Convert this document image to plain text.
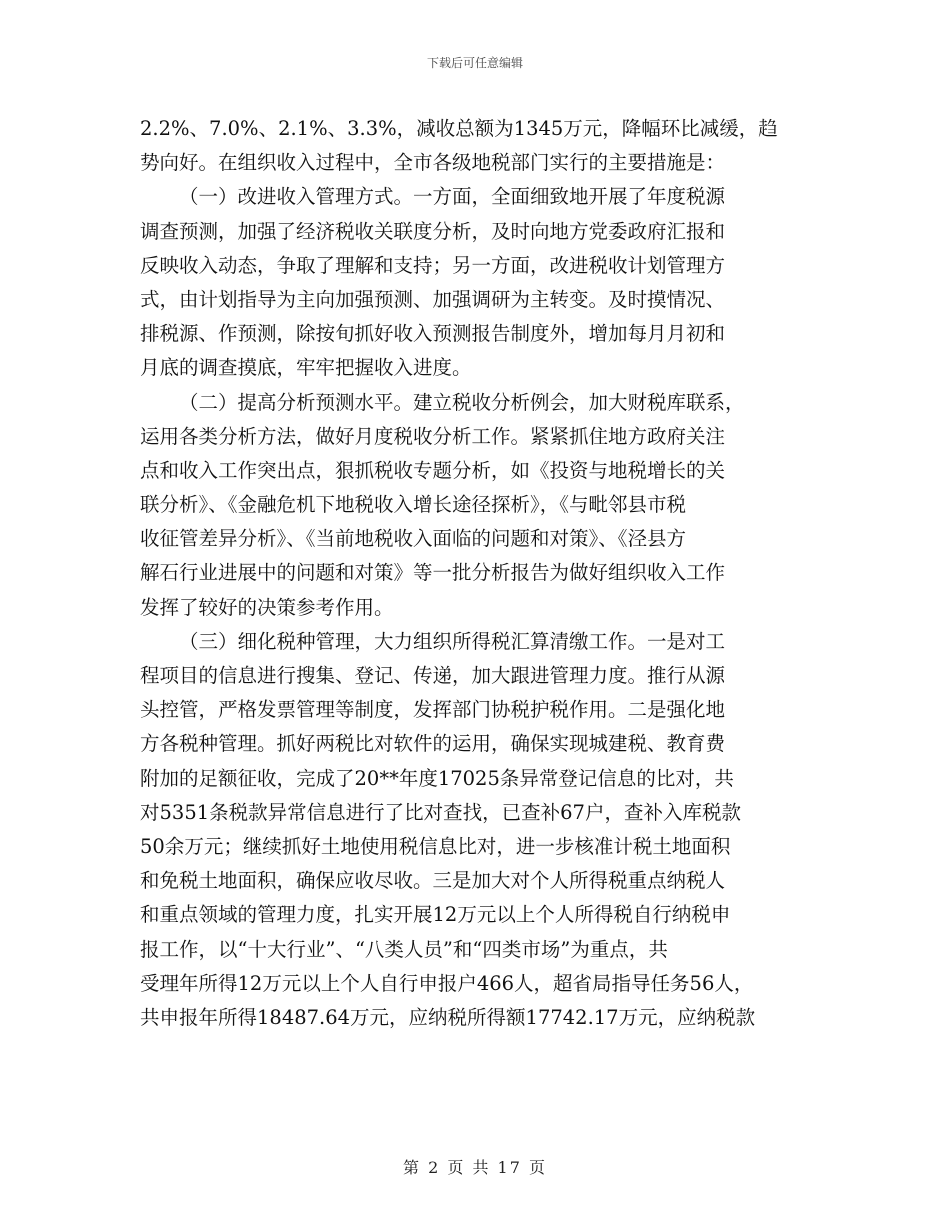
下载后可任意编辑
2.2%、7.0%、2.1%、3.3%，减收总额为1345万元，降幅环比减缓，趋
势向好。在组织收入过程中，全市各级地税部门实行的主要措施是：
（一）改进收入管理方式。一方面，全面细致地开展了年度税源
调查预测，加强了经济税收关联度分析，及时向地方党委政府汇报和
反映收入动态，争取了理解和支持；另一方面，改进税收计划管理方
式，由计划指导为主向加强预测、加强调研为主转变。及时摸情况、
排税源、作预测，除按旬抓好收入预测报告制度外，增加每月月初和
月底的调查摸底，牢牢把握收入进度。
（二）提高分析预测水平。建立税收分析例会，加大财税库联系，
运用各类分析方法，做好月度税收分析工作。紧紧抓住地方政府关注
点和收入工作突出点，狠抓税收专题分析，如《投资与地税增长的关
联分析》、《金融危机下地税收入增长途径探析》，《与毗邻县市税
收征管差异分析》、《当前地税收入面临的问题和对策》、《泾县方
解石行业进展中的问题和对策》等一批分析报告为做好组织收入工作
发挥了较好的决策参考作用。
（三）细化税种管理，大力组织所得税汇算清缴工作。一是对工
程项目的信息进行搜集、登记、传递，加大跟进管理力度。推行从源
头控管，严格发票管理等制度，发挥部门协税护税作用。二是强化地
方各税种管理。抓好两税比对软件的运用，确保实现城建税、教育费
附加的足额征收，完成了20**年度17025条异常登记信息的比对，共
对5351条税款异常信息进行了比对查找，已查补67户，查补入库税款
50余万元；继续抓好土地使用税信息比对，进一步核准计税土地面积
和免税土地面积，确保应收尽收。三是加大对个人所得税重点纳税人
和重点领域的管理力度，扎实开展12万元以上个人所得税自行纳税申
报工作，以“十大行业”、“八类人员”和“四类市场”为重点，共
受理年所得12万元以上个人自行申报户466人，超省局指导任务56人，
共申报年所得18487.64万元，应纳税所得额17742.17万元，应纳税款
第 2 页 共 17 页
